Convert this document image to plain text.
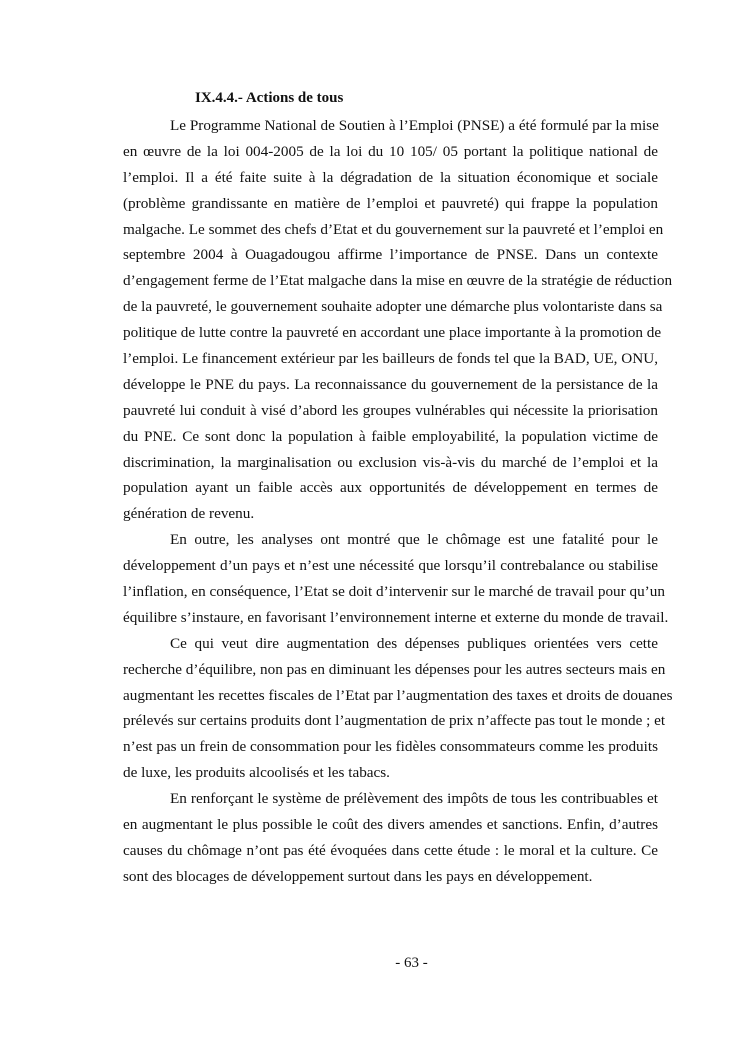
IX.4.4.- Actions de tous
Le Programme National de Soutien à l’Emploi (PNSE) a été formulé par la mise
en œuvre de la loi 004-2005 de la loi du 10 105/ 05 portant la politique national de
l’emploi. Il a été faite suite à la dégradation de la situation économique et sociale
(problème grandissante en matière de l’emploi et pauvreté) qui frappe la population
malgache. Le sommet des chefs d’Etat et du gouvernement sur la pauvreté et l’emploi en
septembre 2004 à Ouagadougou affirme l’importance de PNSE. Dans un contexte
d’engagement ferme de l’Etat malgache dans la mise en œuvre de la stratégie de réduction
de la pauvreté, le gouvernement souhaite adopter une démarche plus volontariste dans sa
politique de lutte contre la pauvreté en accordant une place importante à la promotion de
l’emploi. Le financement extérieur par les bailleurs de fonds tel que la BAD, UE, ONU,
développe le PNE du pays. La reconnaissance du gouvernement de la persistance de la
pauvreté lui conduit à visé d’abord les groupes vulnérables qui nécessite la priorisation
du PNE. Ce sont donc la population à faible employabilité, la population victime de
discrimination, la marginalisation ou exclusion vis-à-vis du marché de l’emploi et la
population ayant un faible accès aux opportunités de développement en termes de
génération de revenu.
En outre, les analyses ont montré que le chômage est une fatalité pour le
développement d’un pays et n’est une nécessité que lorsqu’il contrebalance ou stabilise
l’inflation, en conséquence, l’Etat se doit d’intervenir sur le marché de travail pour qu’un
équilibre s’instaure, en favorisant l’environnement interne et externe du monde de travail.
Ce qui veut dire augmentation des dépenses publiques orientées vers cette
recherche d’équilibre, non pas en diminuant les dépenses pour les autres secteurs mais en
augmentant les recettes fiscales de l’Etat par l’augmentation des taxes et droits de douanes
prélevés sur certains produits dont l’augmentation de prix n’affecte pas tout le monde ; et
n’est pas un frein de consommation pour les fidèles consommateurs comme les produits
de luxe, les produits alcoolisés et les tabacs.
En renforçant le système de prélèvement des impôts de tous les contribuables et
en augmentant le plus possible le coût des divers amendes et sanctions. Enfin, d’autres
causes du chômage n’ont pas été évoquées dans cette étude : le moral et la culture. Ce
sont des blocages de développement surtout dans les pays en développement.
- 63 -
